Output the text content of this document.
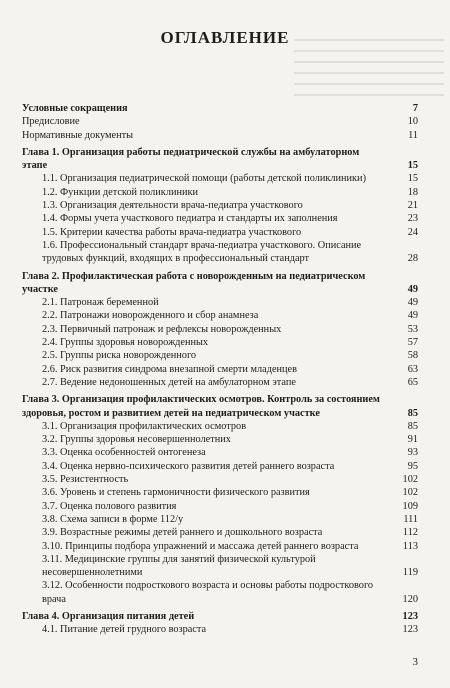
ОГЛАВЛЕНИЕ
Условные сокращения	7
Предисловие	10
Нормативные документы	11
Глава 1. Организация работы педиатрической службы на амбулаторном этапе	15
1.1. Организация педиатрической помощи (работы детской поликлиники)	15
1.2. Функции детской поликлиники	18
1.3. Организация деятельности врача-педиатра участкового	21
1.4. Формы учета участкового педиатра и стандарты их заполнения	23
1.5. Критерии качества работы врача-педиатра участкового	24
1.6. Профессиональный стандарт врача-педиатра участкового. Описание трудовых функций, входящих в профессиональный стандарт	28
Глава 2. Профилактическая работа с новорожденным на педиатрическом участке	49
2.1. Патронаж беременной	49
2.2. Патронажи новорожденного и сбор анамнеза	49
2.3. Первичный патронаж и рефлексы новорожденных	53
2.4. Группы здоровья новорожденных	57
2.5. Группы риска новорожденного	58
2.6. Риск развития синдрома внезапной смерти младенцев	63
2.7. Ведение недоношенных детей на амбулаторном этапе	65
Глава 3. Организация профилактических осмотров. Контроль за состоянием здоровья, ростом и развитием детей на педиатрическом участке	85
3.1. Организация профилактических осмотров	85
3.2. Группы здоровья несовершеннолетних	91
3.3. Оценка особенностей онтогенеза	93
3.4. Оценка нервно-психического развития детей раннего возраста	95
3.5. Резистентность	102
3.6. Уровень и степень гармоничности физического развития	102
3.7. Оценка полового развития	109
3.8. Схема записи в форме 112/у	111
3.9. Возрастные режимы детей раннего и дошкольного возраста	112
3.10. Принципы подбора упражнений и массажа детей раннего возраста	113
3.11. Медицинские группы для занятий физической культурой несовершеннолетними	119
3.12. Особенности подросткового возраста и основы работы подросткового врача	120
Глава 4. Организация питания детей	123
4.1. Питание детей грудного возраста	123
3
